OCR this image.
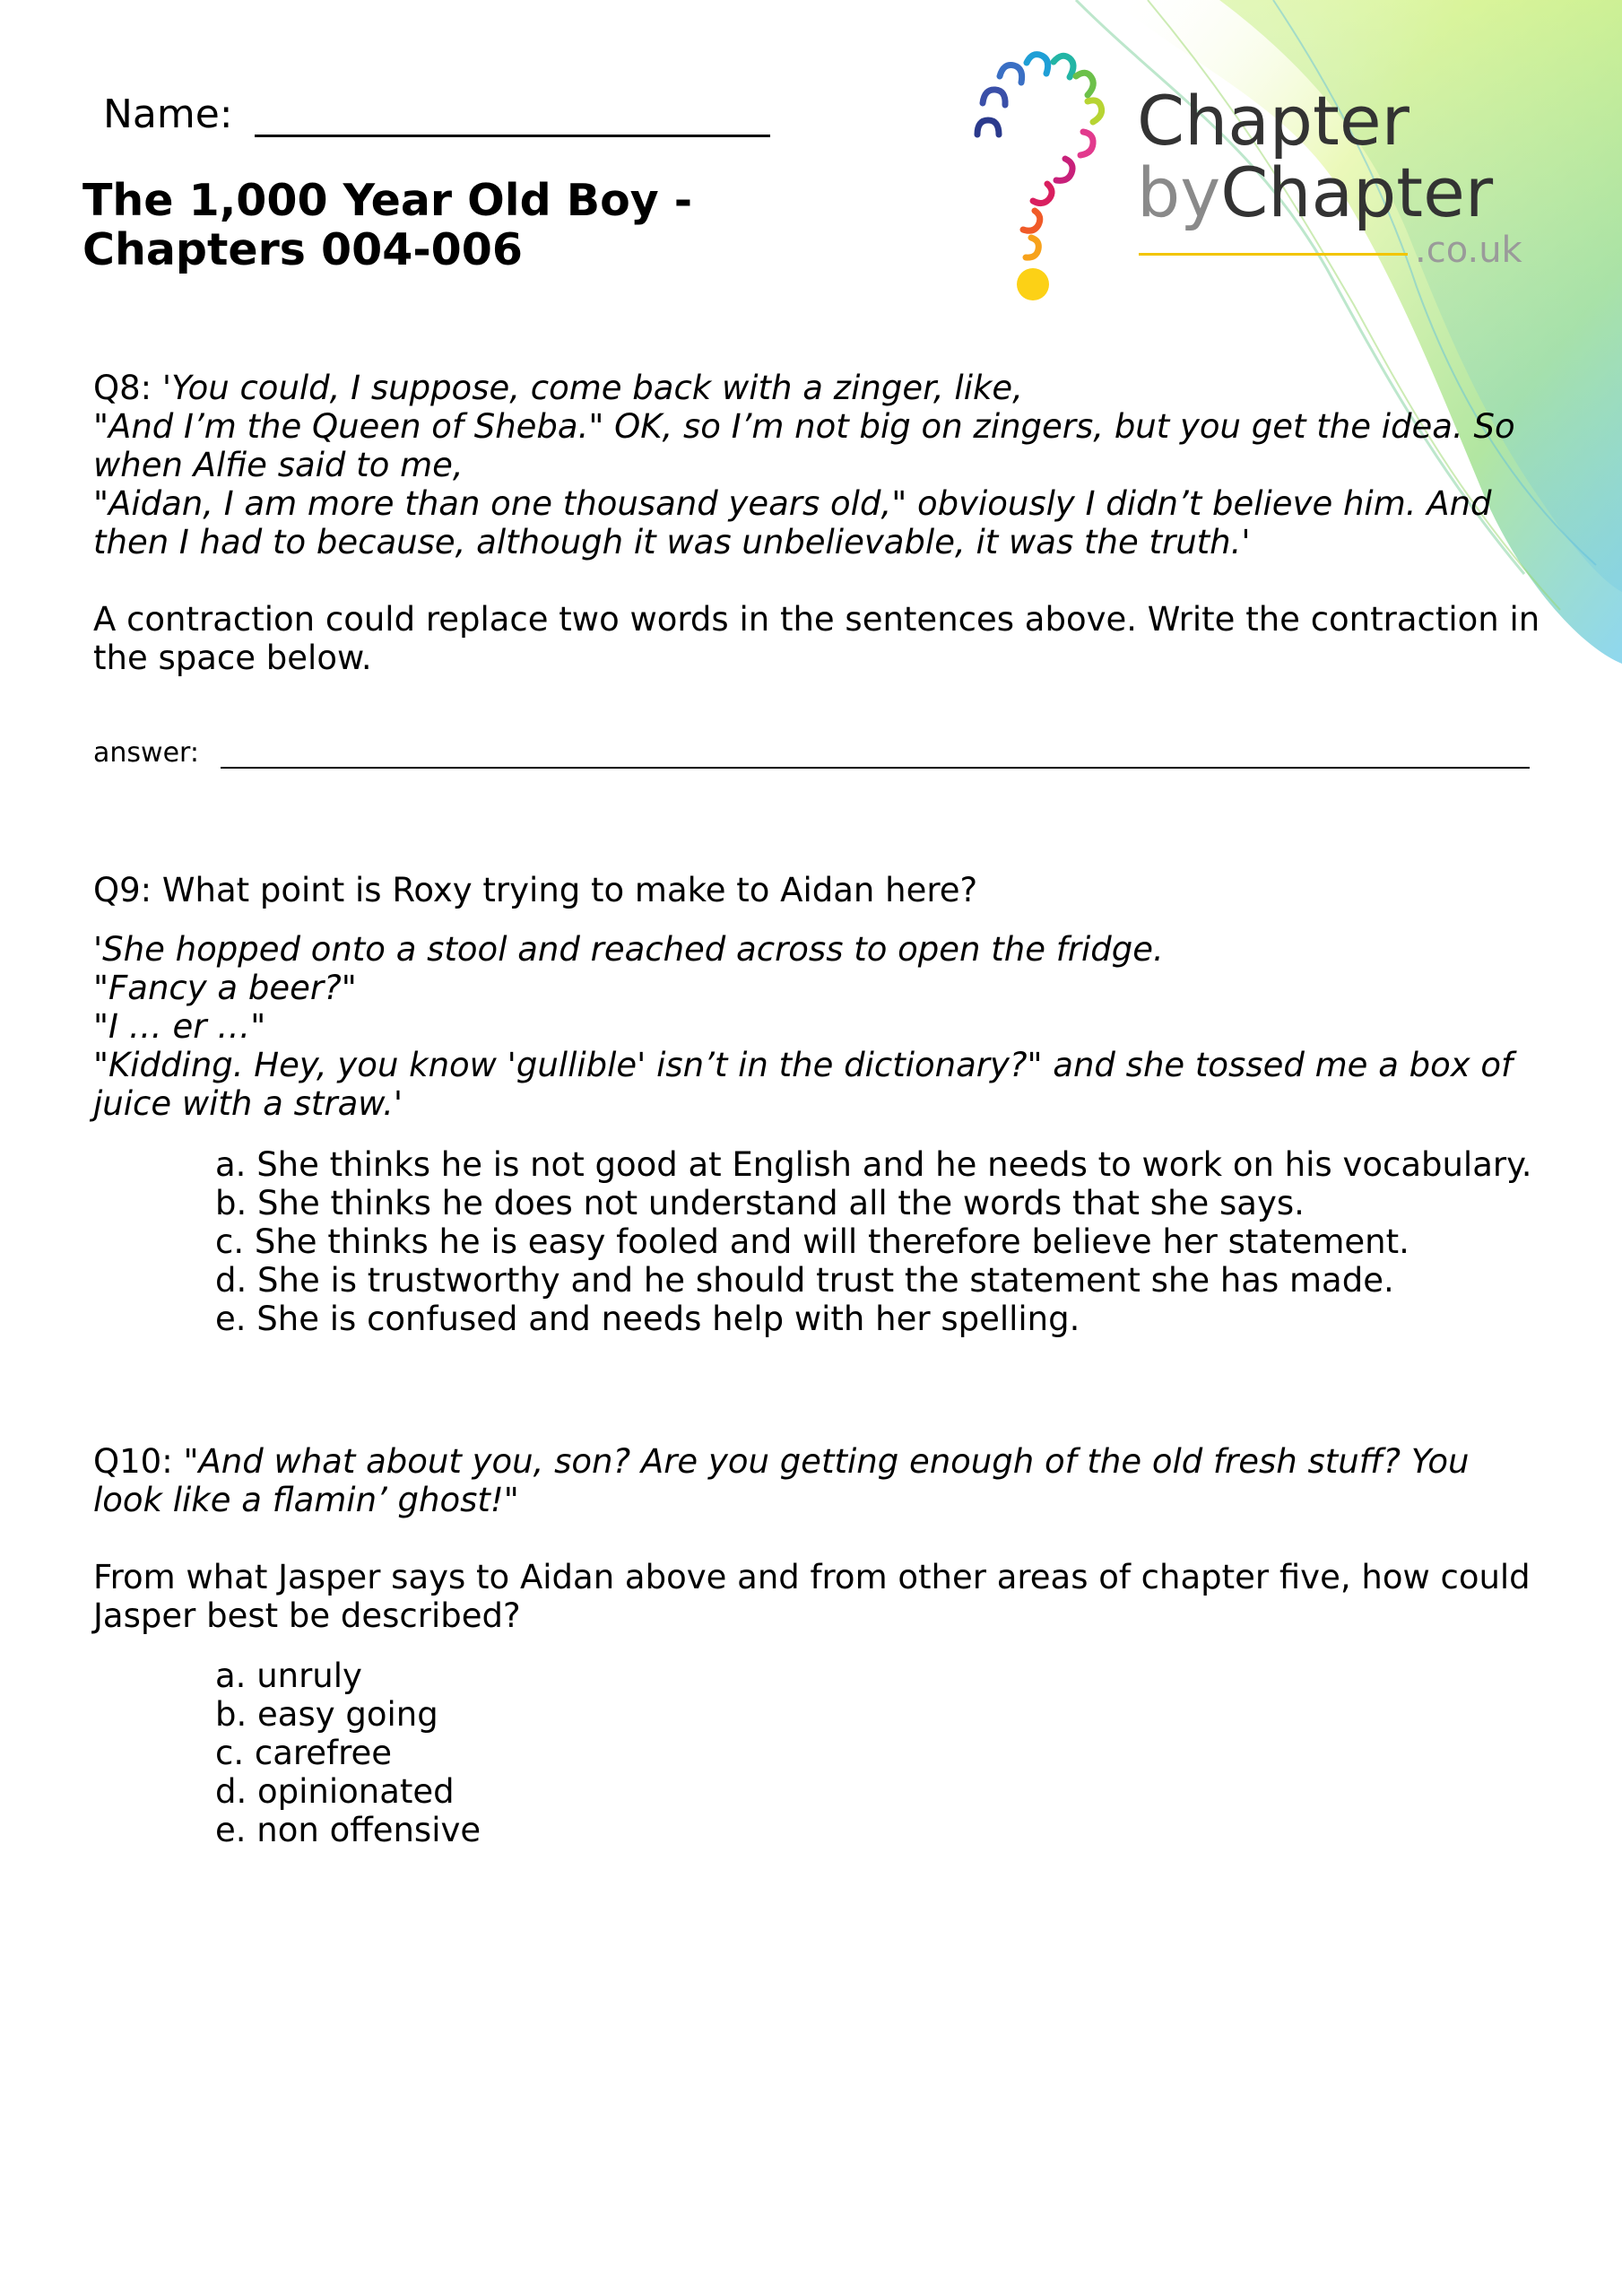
Name:
The 1,000 Year Old Boy - Chapters 004-006
Chapter
byChapter
.co.uk
Q8: 'You could, I suppose, come back with a zinger, like,
"And I’m the Queen of Sheba." OK, so I’m not big on zingers, but you get the idea. So when Alfie said to me,
"Aidan, I am more than one thousand years old," obviously I didn’t believe him. And then I had to because, although it was unbelievable, it was the truth.'
A contraction could replace two words in the sentences above. Write the contraction in the space below.
answer:
Q9: What point is Roxy trying to make to Aidan here?
'She hopped onto a stool and reached across to open the fridge.
"Fancy a beer?"
"I … er …"
"Kidding. Hey, you know 'gullible' isn’t in the dictionary?" and she tossed me a box of juice with a straw.'
a. She thinks he is not good at English and he needs to work on his vocabulary.
b. She thinks he does not understand all the words that she says.
c. She thinks he is easy fooled and will therefore believe her statement.
d. She is trustworthy and he should trust the statement she has made.
e. She is confused and needs help with her spelling.
Q10: "And what about you, son? Are you getting enough of the old fresh stuff? You look like a flamin’ ghost!"
From what Jasper says to Aidan above and from other areas of chapter five, how could Jasper best be described?
a. unruly
b. easy going
c. carefree
d. opinionated
e. non offensive
